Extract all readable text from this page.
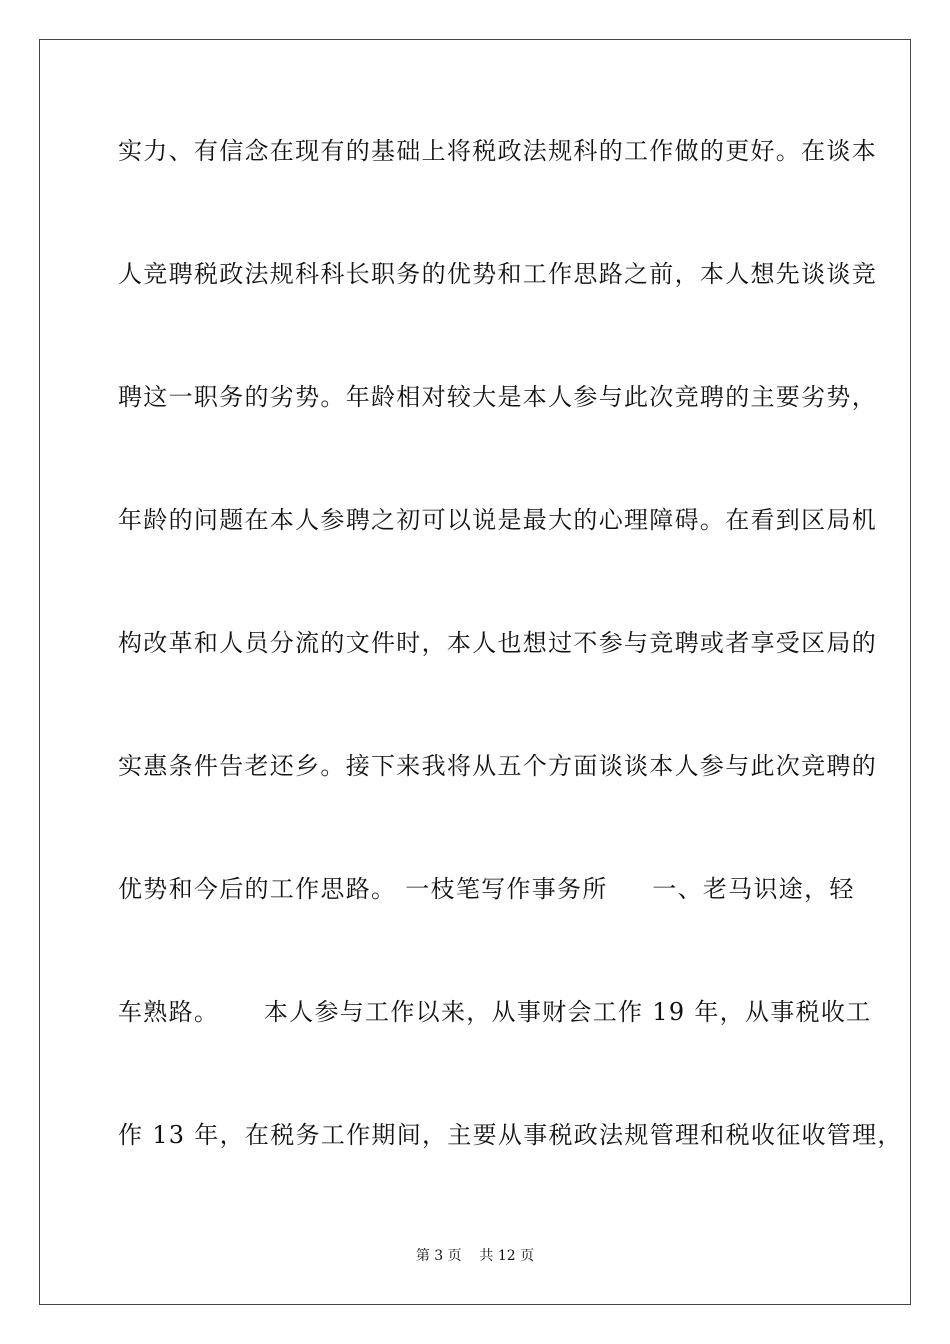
实力、有信念在现有的基础上将税政法规科的工作做的更好。在谈本
人竞聘税政法规科科长职务的优势和工作思路之前，本人想先谈谈竞
聘这一职务的劣势。年龄相对较大是本人参与此次竞聘的主要劣势，
年龄的问题在本人参聘之初可以说是最大的心理障碍。在看到区局机
构改革和人员分流的文件时，本人也想过不参与竞聘或者享受区局的
实惠条件告老还乡。接下来我将从五个方面谈谈本人参与此次竞聘的
优势和今后的工作思路。 一枝笔写作事务所     一、老马识途，轻
车熟路。     本人参与工作以来，从事财会工作 19 年，从事税收工
作 13 年，在税务工作期间，主要从事税政法规管理和税收征收管理，
第 3 页    共 12 页
